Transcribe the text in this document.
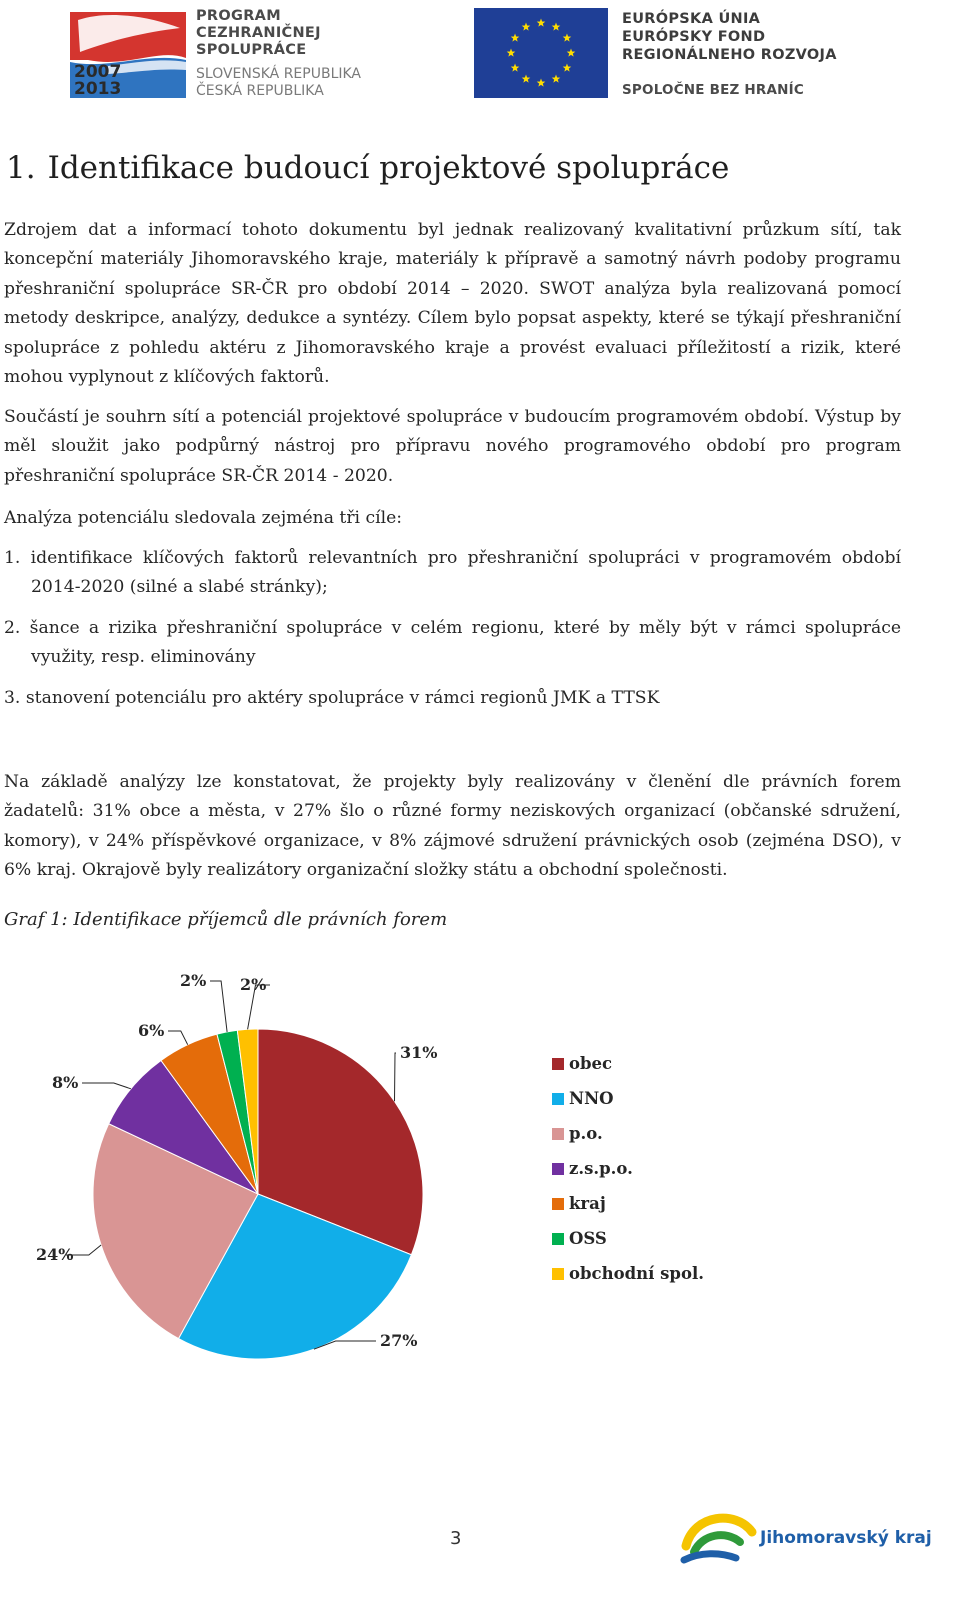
2007
2013
PROGRAM
CEZHRANIČNEJ
SPOLUPRÁCE
SLOVENSKÁ REPUBLIKA
ČESKÁ REPUBLIKA
EURÓPSKA ÚNIA
EURÓPSKY FOND
REGIONÁLNEHO ROZVOJA
SPOLOČNE BEZ HRANÍC
1. Identifikace budoucí projektové spolupráce

Zdrojem dat a informací tohoto dokumentu byl jednak realizovaný kvalitativní průzkum sítí, tak koncepční materiály Jihomoravského kraje, materiály k přípravě a samotný návrh podoby programu přeshraniční spolupráce SR-ČR pro období 2014 – 2020. SWOT analýza byla realizovaná pomocí metody deskripce, analýzy, dedukce a syntézy. Cílem bylo popsat aspekty, které se týkají přeshraniční spolupráce z pohledu aktéru z Jihomoravského kraje a provést evaluaci příležitostí a rizik, které mohou vyplynout z klíčových faktorů.

Součástí je souhrn sítí a potenciál projektové spolupráce v budoucím programovém období. Výstup by měl sloužit jako podpůrný nástroj pro přípravu nového programového období pro program přeshraniční spolupráce SR-ČR 2014 - 2020.

Analýza potenciálu sledovala zejména tři cíle:

1. identifikace klíčových faktorů relevantních pro přeshraniční spolupráci v programovém období 2014-2020 (silné a slabé stránky);

2. šance a rizika přeshraniční spolupráce v celém regionu, které by měly být v rámci spolupráce využity, resp. eliminovány

3. stanovení potenciálu pro aktéry spolupráce v rámci regionů JMK a TTSK

Na základě analýzy lze konstatovat, že projekty byly realizovány v členění dle právních forem žadatelů: 31% obce a města, v 27% šlo o různé formy neziskových organizací (občanské sdružení, komory), v 24% příspěvkové organizace, v 8% zájmové sdružení právnických osob (zejména DSO), v 6% kraj. Okrajově byly realizátory organizační složky státu a obchodní společnosti.

Graf 1: Identifikace příjemců dle právních forem

31%
27%
24%
8%
6%
2% 2%
obec
NNO
p.o.
z.s.p.o.
kraj
OSS
obchodní spol.
3	Jihomoravský kraj
